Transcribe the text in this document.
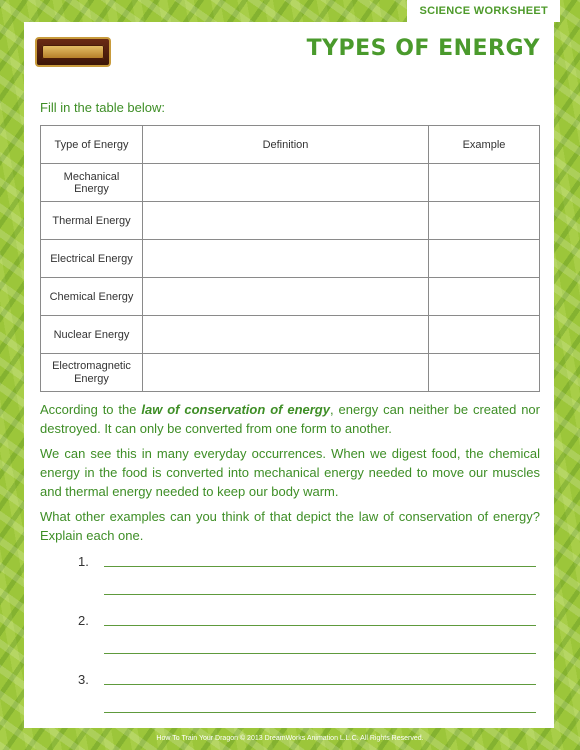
SCIENCE WORKSHEET
TYPES OF ENERGY
Fill in the table below:
Type of Energy	Definition	Example
Mechanical Energy		
Thermal Energy		
Electrical Energy		
Chemical Energy		
Nuclear Energy		
Electromagnetic Energy		

According to the law of conservation of energy, energy can neither be created nor destroyed. It can only be converted from one form to another.

We can see this in many everyday occurrences. When we digest food, the chemical energy in the food is converted into mechanical energy needed to move our muscles and thermal energy needed to keep our body warm.

What other examples can you think of that depict the law of conservation of energy? Explain each one.

1.
2.
3.
How To Train Your Dragon © 2013 DreamWorks Animation L.L.C. All Rights Reserved.
